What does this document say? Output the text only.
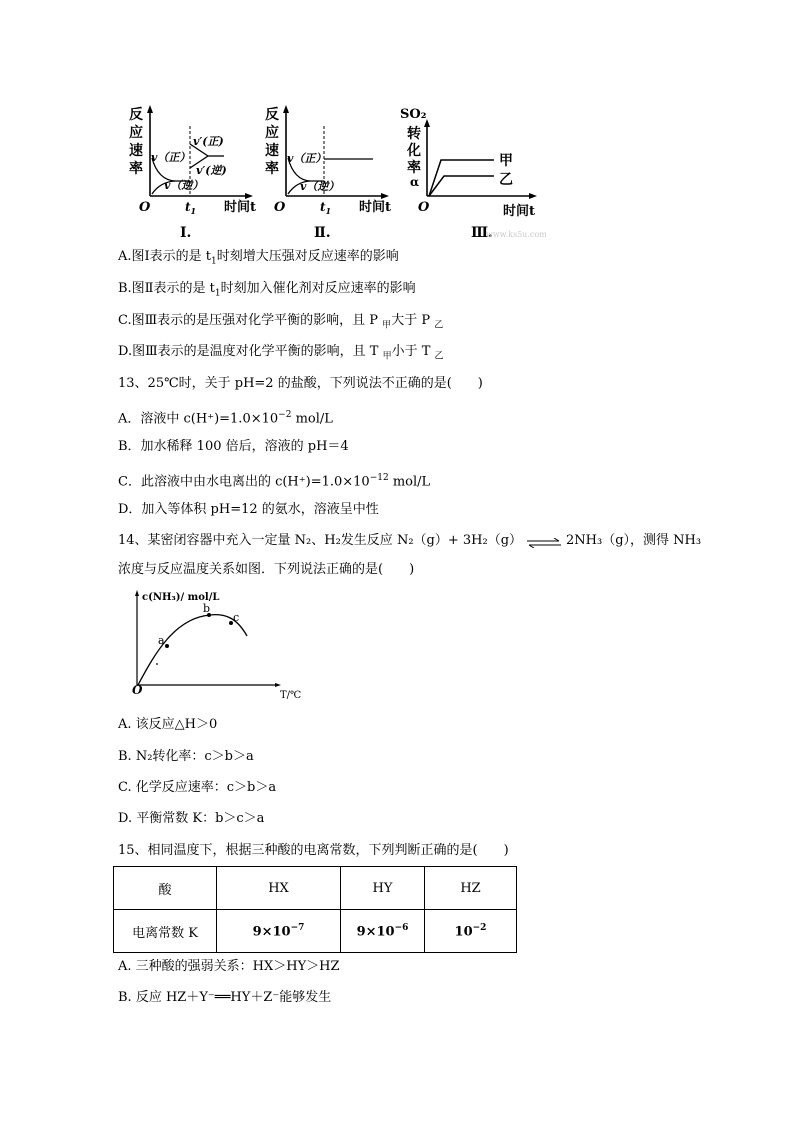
反
应
速
率
v（正）
v（逆）
v′(正)
v′(逆)
O	$t_1$ 时间t
Ⅰ.
反
应
速
率
v（正）
v（逆）
O	$t_1$ 时间t
Ⅱ.
SO₂
转
化
率
α
甲
乙
O	时间t
Ⅲ.
www.ks5u.com
A.图Ⅰ表示的是 $t_1$时刻增大压强对反应速率的影响
B.图Ⅱ表示的是 $t_1$时刻加入催化剂对反应速率的影响
C.图Ⅲ表示的是压强对化学平衡的影响，且 P $_甲$大于 P $_乙$
D.图Ⅲ表示的是温度对化学平衡的影响，且 T $_甲$小于 T $_乙$
13、25℃时，关于 pH=2 的盐酸，下列说法不正确的是(　　)
A．溶液中 $c(H^+)=1.0\times 10^{-2}$ mol/L
B．加水稀释 100 倍后，溶液的 pH＝4
C．此溶液中由水电离出的 $c(H^+)=1.0\times 10^{-12}$ mol/L
D．加入等体积 pH=12 的氨水，溶液呈中性
14、某密闭容器中充入一定量 N₂、H₂发生反应 N₂（g）+ 3H₂（g） ⇌ 2NH₃（g），测得 NH₃
浓度与反应温度关系如图．下列说法正确的是(　　)
c(NH₃)/ mol/L
T/℃
O
a
b
c
A. 该反应△H＞0
B. N₂转化率：c＞b＞a
C. 化学反应速率：c＞b＞a
D. 平衡常数 K：b＞c＞a
15、相同温度下，根据三种酸的电离常数，下列判断正确的是(　　)
酸	HX	HY	HZ
电离常数 K	$9\times 10^{-7}$	$9\times 10^{-6}$	$10^{-2}$
A. 三种酸的强弱关系：HX＞HY＞HZ
B. 反应 HZ＋Y⁻══HY＋Z⁻能够发生
